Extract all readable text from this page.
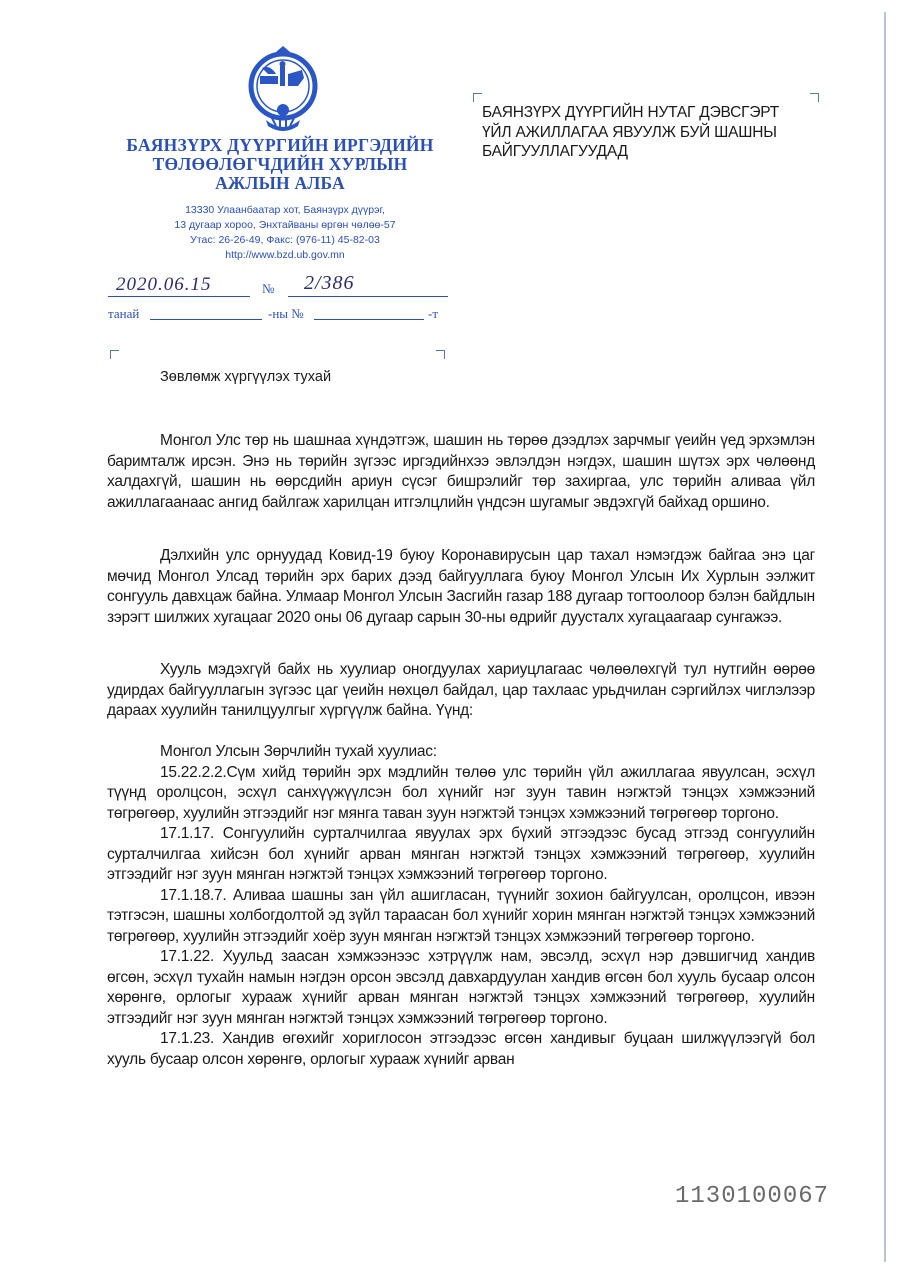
БАЯНЗҮРХ ДҮҮРГИЙН ИРГЭДИЙН
ТӨЛӨӨЛӨГЧДИЙН ХУРЛЫН
АЖЛЫН АЛБА
13330 Улаанбаатар хот, Баянзүрх дүүрэг,
13 дугаар хороо, Энхтайваны өргөн чөлөө-57
Утас: 26-26-49, Факс: (976-11) 45-82-03
http://www.bzd.ub.gov.mn
2020.06.15	№ 2/386
танай	-ны №	-т
БАЯНЗҮРХ ДҮҮРГИЙН НУТАГ ДЭВСГЭРТ
ҮЙЛ АЖИЛЛАГАА ЯВУУЛЖ БУЙ ШАШНЫ
БАЙГУУЛЛАГУУДАД
Зөвлөмж хүргүүлэх тухай

Монгол Улс төр нь шашнаа хүндэтгэж, шашин нь төрөө дээдлэх зарчмыг үеийн үед эрхэмлэн баримталж ирсэн. Энэ нь төрийн зүгээс иргэдийнхээ эвлэлдэн нэгдэх, шашин шүтэх эрх чөлөөнд халдахгүй, шашин нь өөрсдийн ариун сүсэг бишрэлийг төр захиргаа, улс төрийн аливаа үйл ажиллагаанаас ангид байлгаж харилцан итгэлцлийн үндсэн шугамыг эвдэхгүй байхад оршино.

Дэлхийн улс орнуудад Ковид-19 буюу Коронавирусын цар тахал нэмэгдэж байгаа энэ цаг мөчид Монгол Улсад төрийн эрх барих дээд байгууллага буюу Монгол Улсын Их Хурлын ээлжит сонгууль давхцаж байна. Улмаар Монгол Улсын Засгийн газар 188 дугаар тогтоолоор бэлэн байдлын зэрэгт шилжих хугацааг 2020 оны 06 дугаар сарын 30-ны өдрийг дуусталх хугацаагаар сунгажээ.

Хууль мэдэхгүй байх нь хуулиар оногдуулах хариуцлагаас чөлөөлөхгүй тул нутгийн өөрөө удирдах байгууллагын зүгээс цаг үеийн нөхцөл байдал, цар тахлаас урьдчилан сэргийлэх чиглэлээр дараах хуулийн танилцуулгыг хүргүүлж байна. Үүнд:

Монгол Улсын Зөрчлийн тухай хуулиас:

15.22.2.2.Сүм хийд төрийн эрх мэдлийн төлөө улс төрийн үйл ажиллагаа явуулсан, эсхүл түүнд оролцсон, эсхүл санхүүжүүлсэн бол хүнийг нэг зуун тавин нэгжтэй тэнцэх хэмжээний төгрөгөөр, хуулийн этгээдийг нэг мянга таван зуун нэгжтэй тэнцэх хэмжээний төгрөгөөр торгоно.

17.1.17. Сонгуулийн сурталчилгаа явуулах эрх бүхий этгээдээс бусад этгээд сонгуулийн сурталчилгаа хийсэн бол хүнийг арван мянган нэгжтэй тэнцэх хэмжээний төгрөгөөр, хуулийн этгээдийг нэг зуун мянган нэгжтэй тэнцэх хэмжээний төгрөгөөр торгоно.

17.1.18.7. Аливаа шашны зан үйл ашигласан, түүнийг зохион байгуулсан, оролцсон, ивээн тэтгэсэн, шашны холбогдолтой эд зүйл тараасан бол хүнийг хорин мянган нэгжтэй тэнцэх хэмжээний төгрөгөөр, хуулийн этгээдийг хоёр зуун мянган нэгжтэй тэнцэх хэмжээний төгрөгөөр торгоно.

17.1.22. Хуульд заасан хэмжээнээс хэтрүүлж нам, эвсэлд, эсхүл нэр дэвшигчид хандив өгсөн, эсхүл тухайн намын нэгдэн орсон эвсэлд давхардуулан хандив өгсөн бол хууль бусаар олсон хөрөнгө, орлогыг хурааж хүнийг арван мянган нэгжтэй тэнцэх хэмжээний төгрөгөөр, хуулийн этгээдийг нэг зуун мянган нэгжтэй тэнцэх хэмжээний төгрөгөөр торгоно.

17.1.23. Хандив өгөхийг хориглосон этгээдээс өгсөн хандивыг буцаан шилжүүлээгүй бол хууль бусаар олсон хөрөнгө, орлогыг хурааж хүнийг арван

1130100067
